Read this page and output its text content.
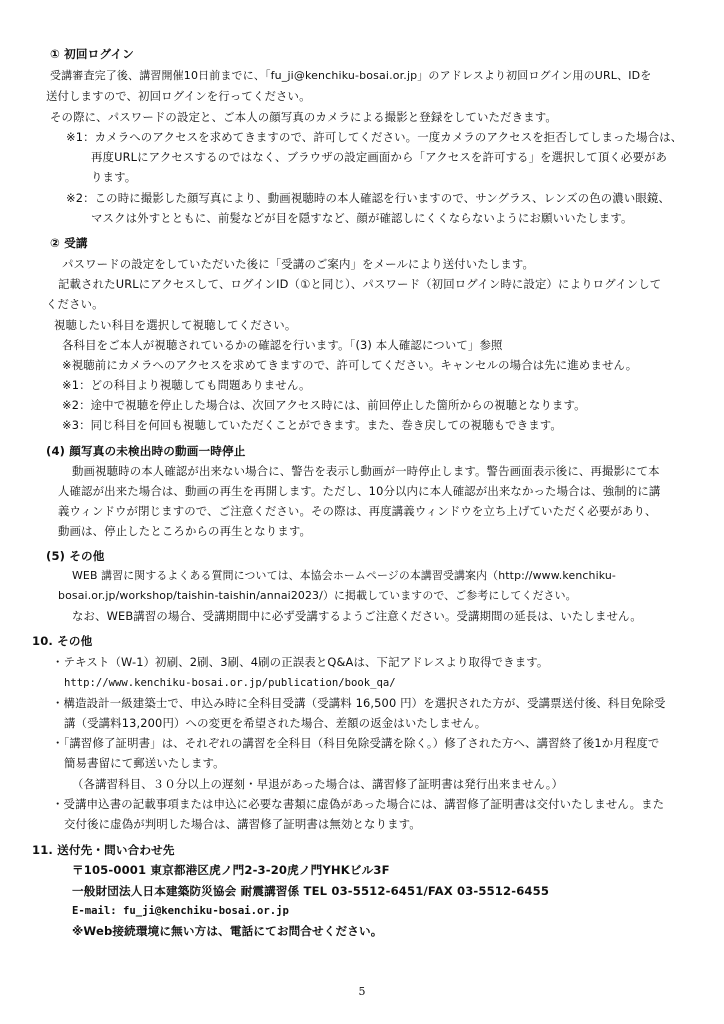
① 初回ログイン
受講審査完了後、講習開催10日前までに、「fu_ji@kenchiku-bosai.or.jp」のアドレスより初回ログイン用のURL、IDを
送付しますので、初回ログインを行ってください。
その際に、パスワードの設定と、ご本人の顔写真のカメラによる撮影と登録をしていただきます。
※1：カメラへのアクセスを求めてきますので、許可してください。一度カメラのアクセスを拒否してしまった場合は、
再度URLにアクセスするのではなく、ブラウザの設定画面から「アクセスを許可する」を選択して頂く必要があ
ります。
※2：この時に撮影した顔写真により、動画視聴時の本人確認を行いますので、サングラス、レンズの色の濃い眼鏡、
マスクは外すとともに、前髪などが目を隠すなど、顔が確認しにくくならないようにお願いいたします。
② 受講
パスワードの設定をしていただいた後に「受講のご案内」をメールにより送付いたします。
記載されたURLにアクセスして、ログインID（①と同じ）、パスワード（初回ログイン時に設定）によりログインして
ください。
視聴したい科目を選択して視聴してください。
各科目をご本人が視聴されているかの確認を行います。「(3) 本人確認について」参照
※視聴前にカメラへのアクセスを求めてきますので、許可してください。キャンセルの場合は先に進めません。
※1：どの科目より視聴しても問題ありません。
※2：途中で視聴を停止した場合は、次回アクセス時には、前回停止した箇所からの視聴となります。
※3：同じ科目を何回も視聴していただくことができます。また、巻き戻しての視聴もできます。
(4) 顔写真の未検出時の動画一時停止
動画視聴時の本人確認が出来ない場合に、警告を表示し動画が一時停止します。警告画面表示後に、再撮影にて本
人確認が出来た場合は、動画の再生を再開します。ただし、10分以内に本人確認が出来なかった場合は、強制的に講
義ウィンドウが閉じますので、ご注意ください。その際は、再度講義ウィンドウを立ち上げていただく必要があり、
動画は、停止したところからの再生となります。
(5) その他
WEB 講習に関するよくある質問については、本協会ホームページの本講習受講案内（http://www.kenchiku-
bosai.or.jp/workshop/taishin-taishin/annai2023/）に掲載していますので、ご参考にしてください。
なお、WEB講習の場合、受講期間中に必ず受講するようご注意ください。受講期間の延長は、いたしません。
10. その他
・テキスト（W-1）初刷、2刷、3刷、4刷の正誤表とQ&Aは、下記アドレスより取得できます。
http://www.kenchiku-bosai.or.jp/publication/book_qa/
・構造設計一級建築士で、申込み時に全科目受講（受講料 16,500 円）を選択された方が、受講票送付後、科目免除受
講（受講料13,200円）への変更を希望された場合、差額の返金はいたしません。
・「講習修了証明書」は、それぞれの講習を全科目（科目免除受講を除く。）修了された方へ、講習終了後1か月程度で
簡易書留にて郵送いたします。
（各講習科目、３０分以上の遅刻・早退があった場合は、講習修了証明書は発行出来ません。）
・受講申込書の記載事項または申込に必要な書類に虚偽があった場合には、講習修了証明書は交付いたしません。また
交付後に虚偽が判明した場合は、講習修了証明書は無効となります。
11. 送付先・問い合わせ先
〒105-0001 東京都港区虎ノ門2-3-20虎ノ門YHKビル3F
一般財団法人日本建築防災協会 耐震講習係 TEL 03-5512-6451/FAX 03-5512-6455
E-mail: fu_ji@kenchiku-bosai.or.jp
※Web接続環境に無い方は、電話にてお問合せください。
5
